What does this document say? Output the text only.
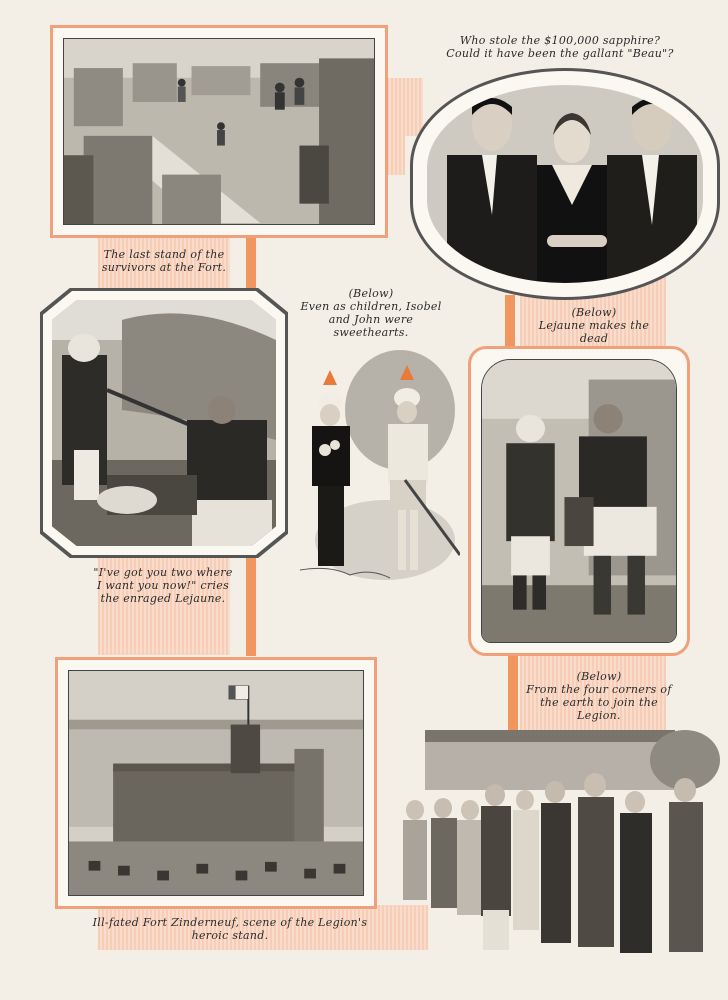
The last stand of the
survivors at the Fort.
Who stole the $100,000 sapphire?
Could it have been the gallant "Beau"?
"I've got you two where
I want you now!" cries
the enraged Lejaune.
(Below)
Even as children, Isobel
and John were
sweethearts.
(Below)
Lejaune makes the dead
(Below)
From the four corners of
the earth to join the
Legion.
Ill-fated Fort Zinderneuf, scene of the Legion's
heroic stand.
